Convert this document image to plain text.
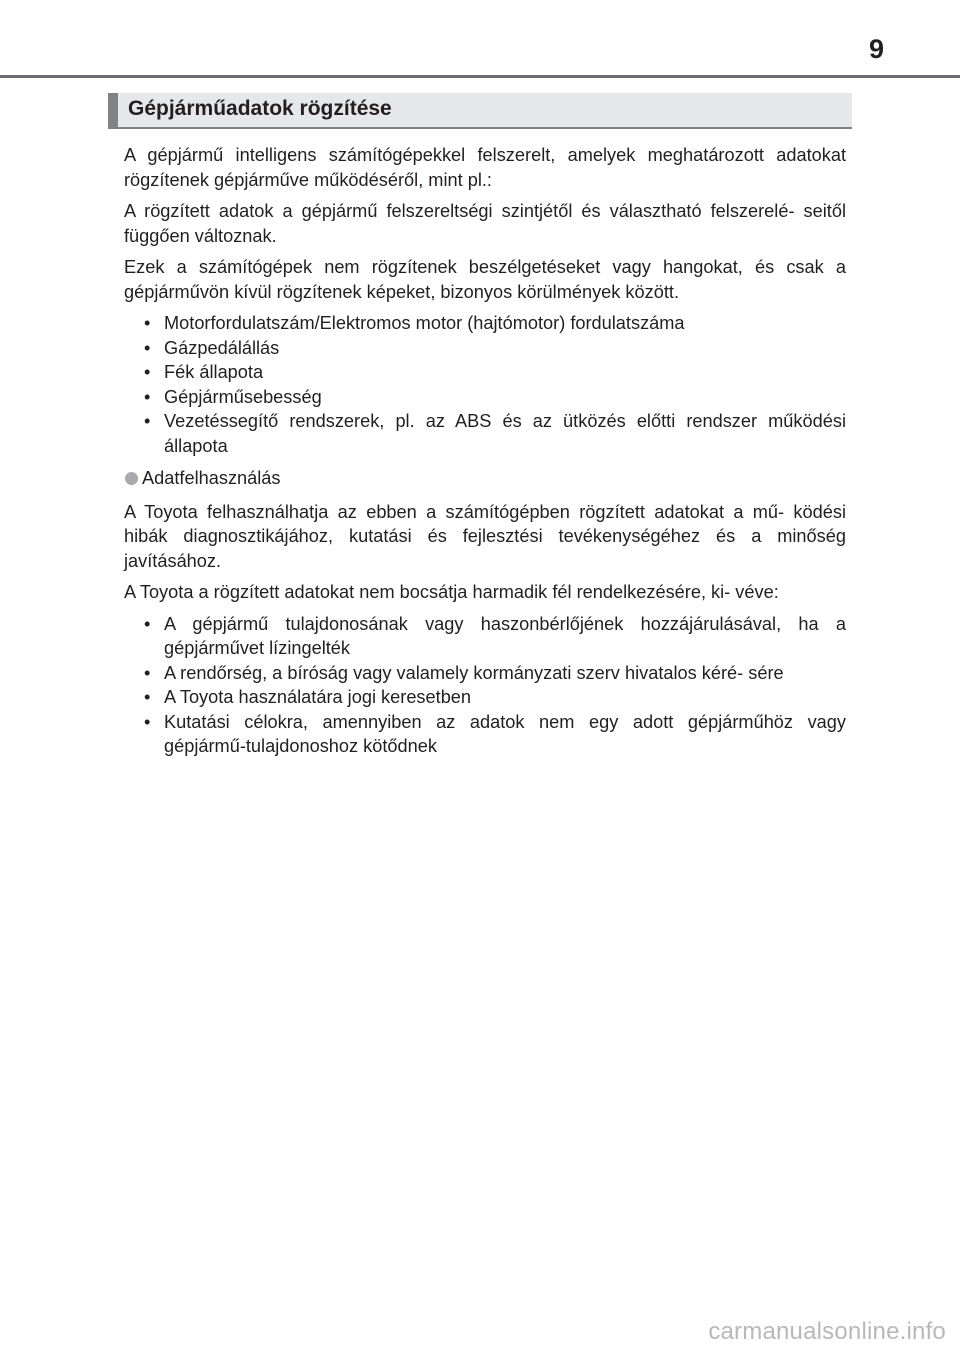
9
Gépjárműadatok rögzítése

A gépjármű intelligens számítógépekkel felszerelt, amelyek meghatározott adatokat rögzítenek gépjárműve működéséről, mint pl.:

A rögzített adatok a gépjármű felszereltségi szintjétől és választható felszerelé- seitől függően változnak.

Ezek a számítógépek nem rögzítenek beszélgetéseket vagy hangokat, és csak a gépjárművön kívül rögzítenek képeket, bizonyos körülmények között.

• Motorfordulatszám/Elektromos motor (hajtómotor) fordulatszáma
• Gázpedálállás
• Fék állapota
• Gépjárműsebesség
• Vezetéssegítő rendszerek, pl. az ABS és az ütközés előtti rendszer működési állapota
Adatfelhasználás

A Toyota felhasználhatja az ebben a számítógépben rögzített adatokat a mű- ködési hibák diagnosztikájához, kutatási és fejlesztési tevékenységéhez és a minőség javításához.

A Toyota a rögzített adatokat nem bocsátja harmadik fél rendelkezésére, ki- véve:

• A gépjármű tulajdonosának vagy haszonbérlőjének hozzájárulásával, ha a gépjárművet lízingelték
• A rendőrség, a bíróság vagy valamely kormányzati szerv hivatalos kéré- sére
• A Toyota használatára jogi keresetben
• Kutatási célokra, amennyiben az adatok nem egy adott gépjárműhöz vagy gépjármű-tulajdonoshoz kötődnek
carmanualsonline.info
